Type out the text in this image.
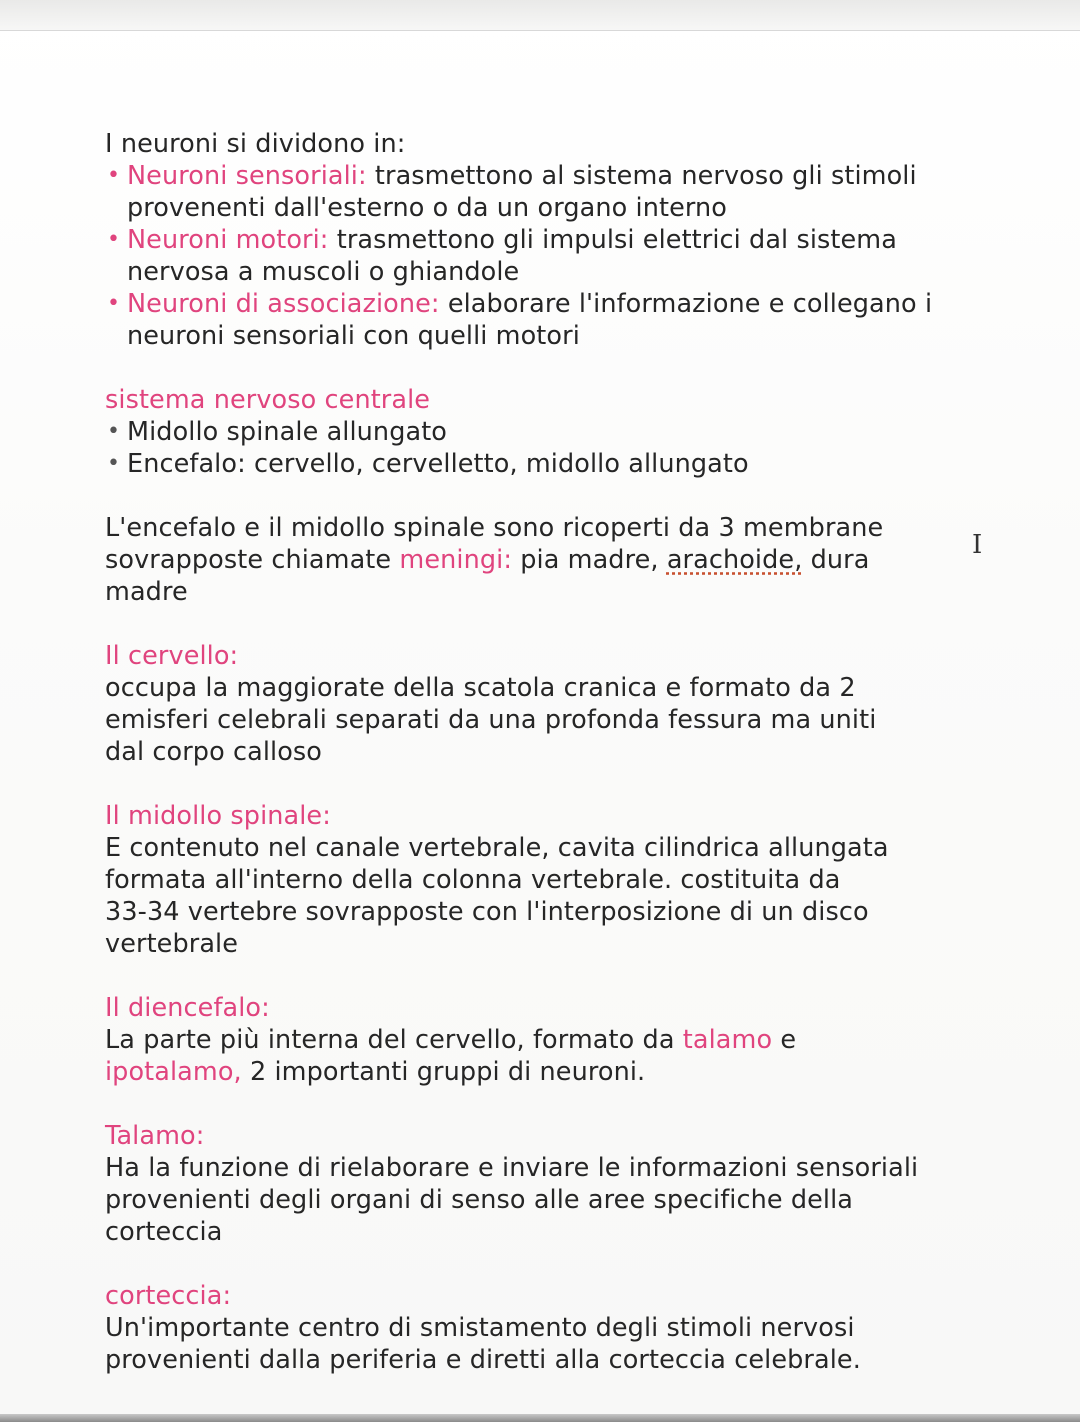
I neuroni si dividono in:
• Neuroni sensoriali: trasmettono al sistema nervoso gli stimoli
provenenti dall'esterno o da un organo interno
• Neuroni motori: trasmettono gli impulsi elettrici dal sistema
nervosa a muscoli o ghiandole
• Neuroni di associazione: elaborare l'informazione e collegano i
neuroni sensoriali con quelli motori
sistema nervoso centrale
• Midollo spinale allungato
• Encefalo: cervello, cervelletto, midollo allungato
L'encefalo e il midollo spinale sono ricoperti da 3 membrane
sovrapposte chiamate meningi: pia madre, arachoide, dura
madre
Il cervello:
occupa la maggiorate della scatola cranica e formato da 2
emisferi celebrali separati da una profonda fessura ma uniti
dal corpo calloso
Il midollo spinale:
E contenuto nel canale vertebrale, cavita cilindrica allungata
formata all'interno della colonna vertebrale. costituita da
33-34 vertebre sovrapposte con l'interposizione di un disco
vertebrale
Il diencefalo:
La parte più interna del cervello, formato da talamo e
ipotalamo, 2 importanti gruppi di neuroni.
Talamo:
Ha la funzione di rielaborare e inviare le informazioni sensoriali
provenienti degli organi di senso alle aree specifiche della
corteccia
corteccia:
Un'importante centro di smistamento degli stimoli nervosi
provenienti dalla periferia e diretti alla corteccia celebrale.
I
